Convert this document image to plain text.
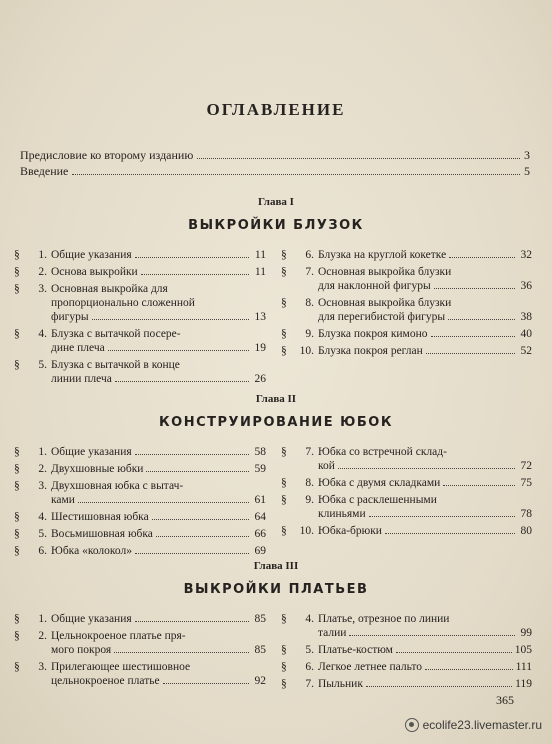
ОГЛАВЛЕНИЕ
Предисловие ко второму изданию	3
Введение	5
Глава I
ВЫКРОЙКИ БЛУЗОК
§	1. Общие указания	11
§	2. Основа выкройки	11
§	3. Основная выкройка для
пропорционально сложенной
фигуры	13
§	4. Блузка с вытачкой посере-
дине плеча	19
§	5. Блузка с вытачкой в конце
линии плеча	26
§	6. Блузка на круглой кокетке	32
§	7. Основная выкройка блузки
для наклонной фигуры	36
§	8. Основная выкройка блузки
для перегибистой фигуры	38
§	9. Блузка покроя кимоно	40
§	10. Блузка покроя реглан	52
Глава II
КОНСТРУИРОВАНИЕ ЮБОК
§	1. Общие указания	58
§	2. Двухшовные юбки	59
§	3. Двухшовная юбка с вытач-
ками	61
§	4. Шестишовная юбка	64
§	5. Восьмишовная юбка	66
§	6. Юбка «колокол»	69
§	7. Юбка со встречной склад-
кой	72
§	8. Юбка с двумя складками	75
§	9. Юбка с расклешенными
клиньями	78
§	10. Юбка-брюки	80
Глава III
ВЫКРОЙКИ ПЛАТЬЕВ
§	1. Общие указания	85
§	2. Цельнокроеное платье пря-
мого покроя	85
§	3. Прилегающее шестишовное
цельнокроеное платье	92
§	4. Платье, отрезное по линии
талии	99
§	5. Платье-костюм	105
§	6. Легкое летнее пальто	111
§	7. Пыльник	119
365
ecolife23.livemaster.ru
